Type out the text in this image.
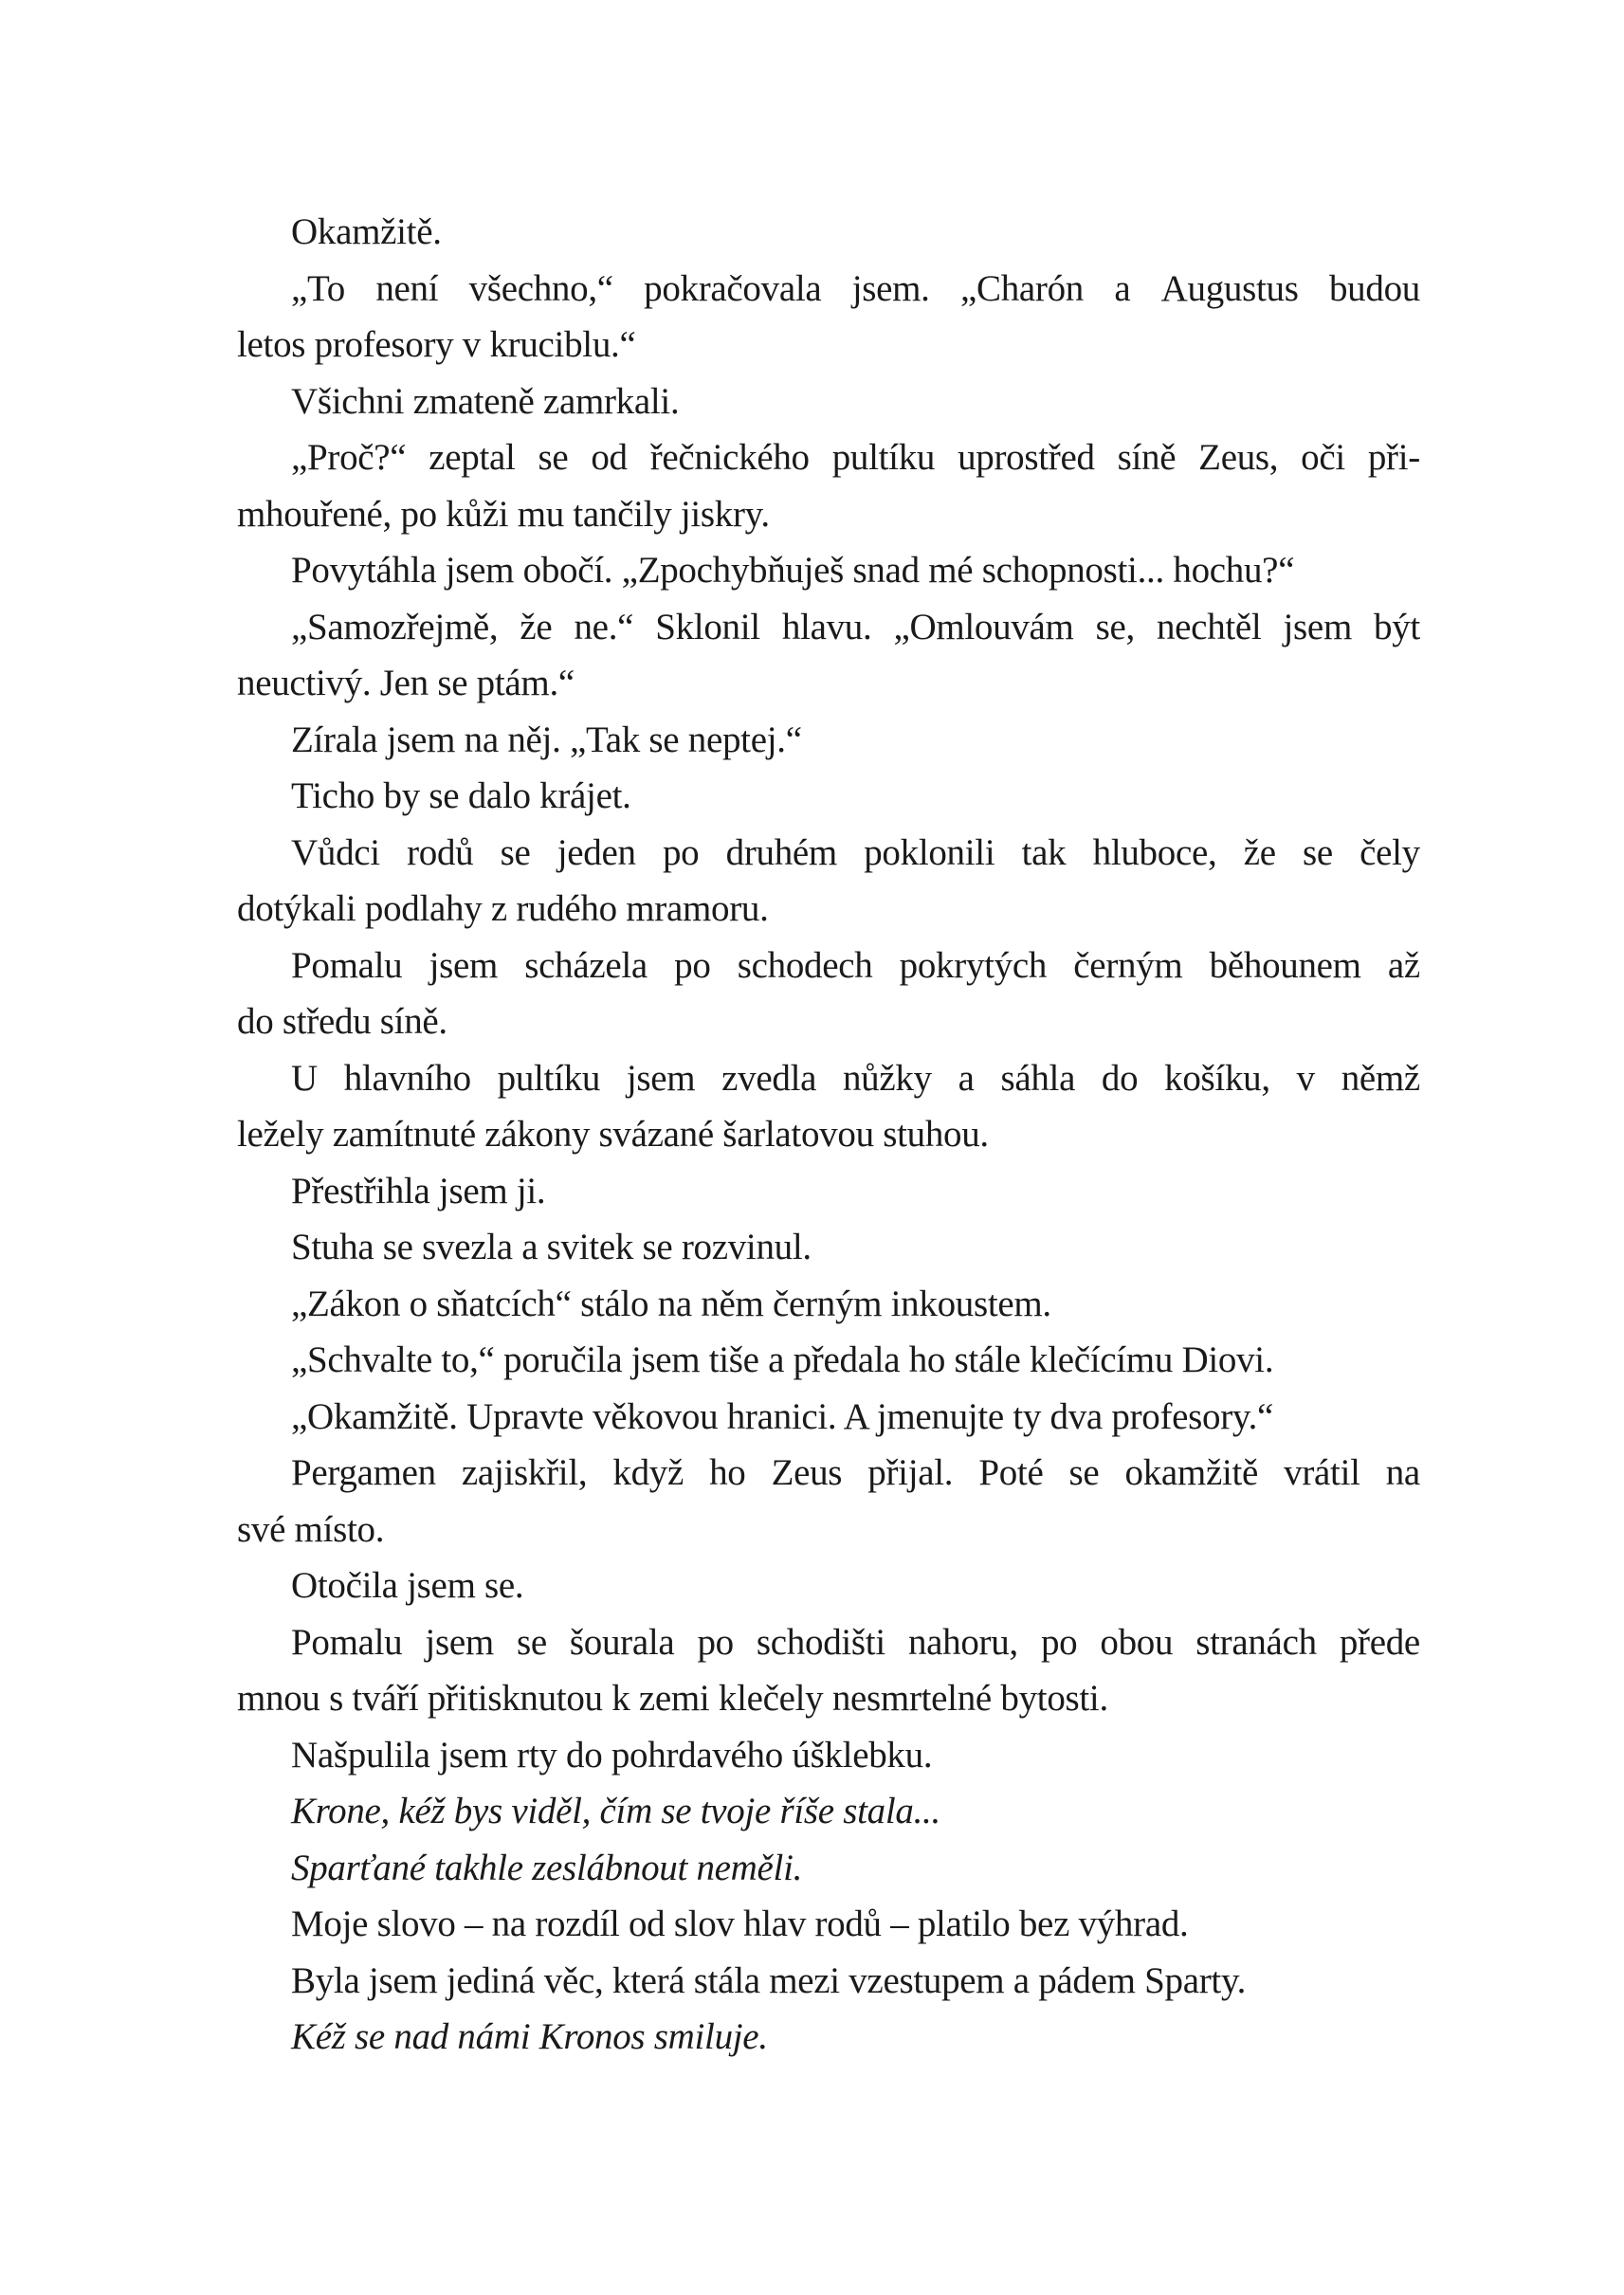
Okamžitě.
„To není všechno,“ pokračovala jsem. „Charón a Augustus budou
letos profesory v kruciblu.“
Všichni zmateně zamrkali.
„Proč?“ zeptal se od řečnického pultíku uprostřed síně Zeus, oči při-
mhouřené, po kůži mu tančily jiskry.
Povytáhla jsem obočí. „Zpochybňuješ snad mé schopnosti... hochu?“
„Samozřejmě, že ne.“ Sklonil hlavu. „Omlouvám se, nechtěl jsem být
neuctivý. Jen se ptám.“
Zírala jsem na něj. „Tak se neptej.“
Ticho by se dalo krájet.
Vůdci rodů se jeden po druhém poklonili tak hluboce, že se čely
dotýkali podlahy z rudého mramoru.
Pomalu jsem scházela po schodech pokrytých černým běhounem až
do středu síně.
U hlavního pultíku jsem zvedla nůžky a sáhla do košíku, v němž
ležely zamítnuté zákony svázané šarlatovou stuhou.
Přestřihla jsem ji.
Stuha se svezla a svitek se rozvinul.
„Zákon o sňatcích“ stálo na něm černým inkoustem.
„Schvalte to,“ poručila jsem tiše a předala ho stále klečícímu Diovi.
„Okamžitě. Upravte věkovou hranici. A jmenujte ty dva profesory.“
Pergamen zajiskřil, když ho Zeus přijal. Poté se okamžitě vrátil na
své místo.
Otočila jsem se.
Pomalu jsem se šourala po schodišti nahoru, po obou stranách přede
mnou s tváří přitisknutou k zemi klečely nesmrtelné bytosti.
Našpulila jsem rty do pohrdavého úšklebku.
Krone, kéž bys viděl, čím se tvoje říše stala...
Sparťané takhle zeslábnout neměli.
Moje slovo – na rozdíl od slov hlav rodů – platilo bez výhrad.
Byla jsem jediná věc, která stála mezi vzestupem a pádem Sparty.
Kéž se nad námi Kronos smiluje.
